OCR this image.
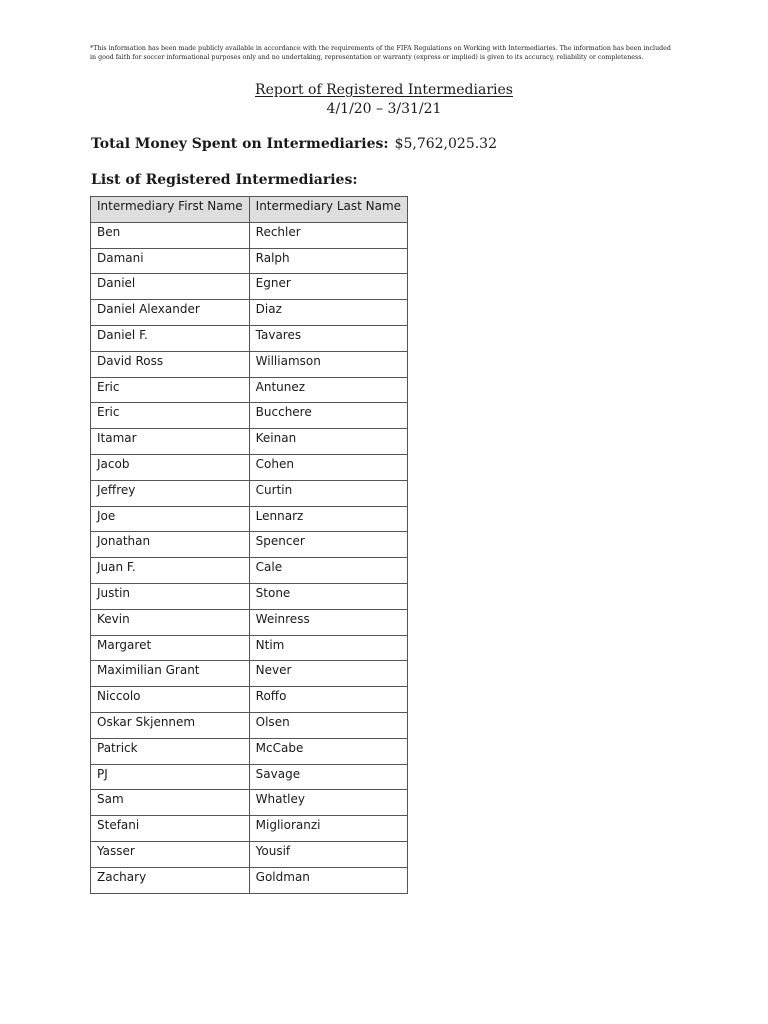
*This information has been made publicly available in accordance with the requirements of the FIFA Regulations on Working with Intermediaries. The information has been included in good faith for soccer informational purposes only and no undertaking, representation or warranty (express or implied) is given to its accuracy, reliability or completeness.

Report of Registered Intermediaries

4/1/20 – 3/31/21

Total Money Spent on Intermediaries: $5,762,025.32

List of Registered Intermediaries:

Intermediary First Name	Intermediary Last Name
Ben	Rechler
Damani	Ralph
Daniel	Egner
Daniel Alexander	Diaz
Daniel F.	Tavares
David Ross	Williamson
Eric	Antunez
Eric	Bucchere
Itamar	Keinan
Jacob	Cohen
Jeffrey	Curtin
Joe	Lennarz
Jonathan	Spencer
Juan F.	Cale
Justin	Stone
Kevin	Weinress
Margaret	Ntim
Maximilian Grant	Never
Niccolo	Roffo
Oskar Skjennem	Olsen
Patrick	McCabe
PJ	Savage
Sam	Whatley
Stefani	Miglioranzi
Yasser	Yousif
Zachary	Goldman
